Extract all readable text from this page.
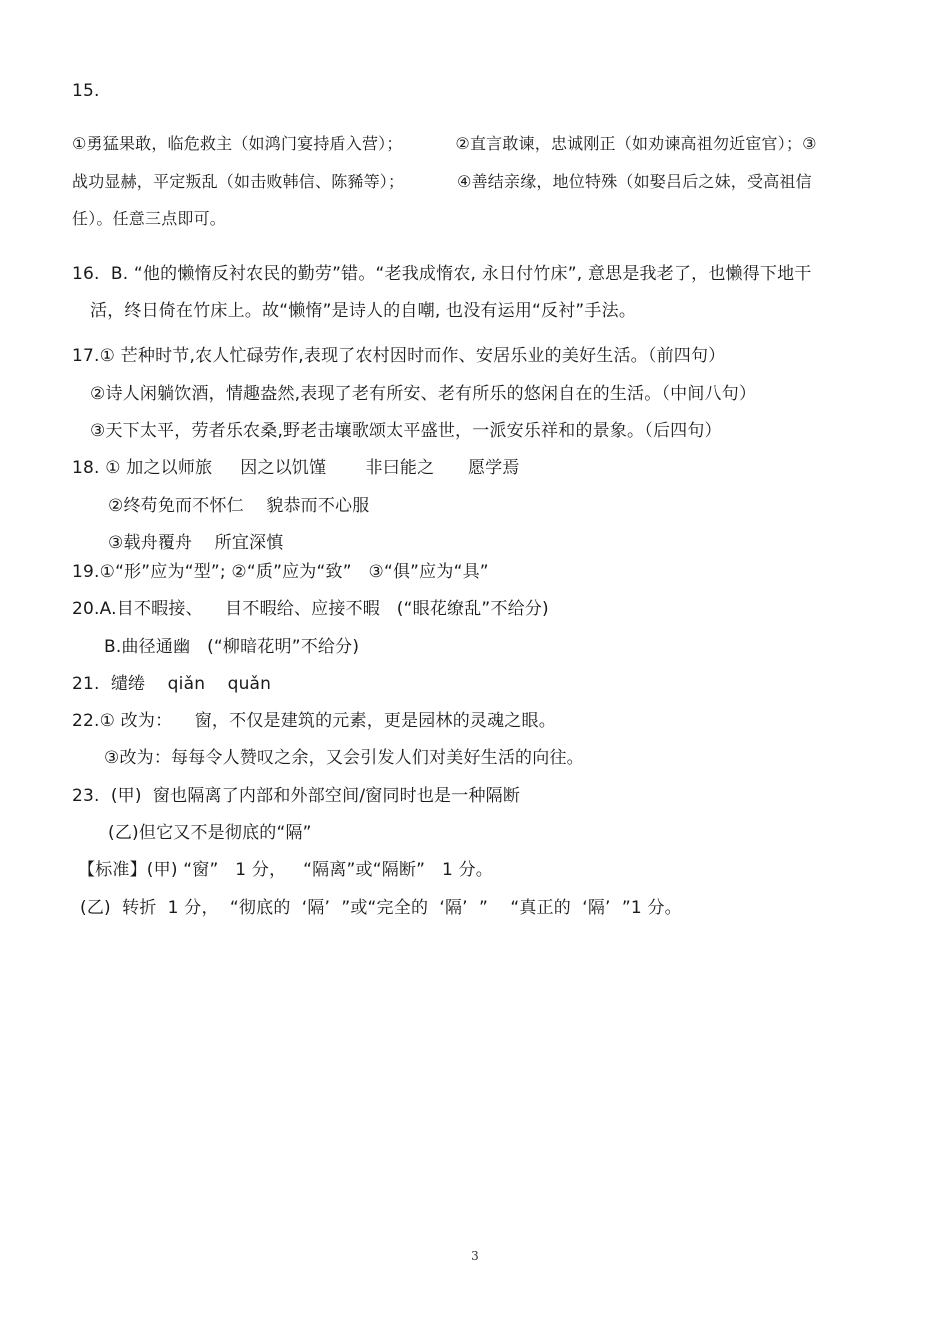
15.
①勇猛果敢，临危救主（如鸿门宴持盾入营）；          ②直言敢谏，忠诚刚正（如劝谏高祖勿近宦官）；③
战功显赫，平定叛乱（如击败韩信、陈豨等）；          ④善结亲缘，地位特殊（如娶吕后之妹，受高祖信
任）。任意三点即可。
16.  B. “他的懒惰反衬农民的勤劳”错。“老我成惰农, 永日付竹床”, 意思是我老了，也懒得下地干
活，终日倚在竹床上。故“懒惰”是诗人的自嘲, 也没有运用“反衬”手法。
17.① 芒种时节,农人忙碌劳作,表现了农村因时而作、安居乐业的美好生活。（前四句）
②诗人闲躺饮酒，情趣盎然,表现了老有所安、老有所乐的悠闲自在的生活。（中间八句）
③天下太平，劳者乐农桑,野老击壤歌颂太平盛世，一派安乐祥和的景象。（后四句）
18. ① 加之以师旅     因之以饥馑       非曰能之      愿学焉
②终苟免而不怀仁    貌恭而不心服
③载舟覆舟    所宜深慎
19.①“形”应为“型”; ②“质”应为“致”   ③“俱”应为“具”
20.A.目不暇接、    目不暇给、应接不暇   (“眼花缭乱”不给分)
B.曲径通幽   (“柳暗花明”不给分)
21.  缱绻    qiǎn    quǎn
22.① 改为：    窗，不仅是建筑的元素，更是园林的灵魂之眼。
③改为：每每令人赞叹之余，又会引发人们对美好生活的向往。
23.  (甲)  窗也隔离了内部和外部空间/窗同时也是一种隔断
(乙)但它又不是彻底的“隔”
【标准】(甲) “窗”   1 分，   “隔离”或“隔断”   1 分。
(乙)  转折  1 分，  “彻底的  ‘隔’  ”或“完全的  ‘隔’  ”    “真正的  ‘隔’  ”1 分。
3
